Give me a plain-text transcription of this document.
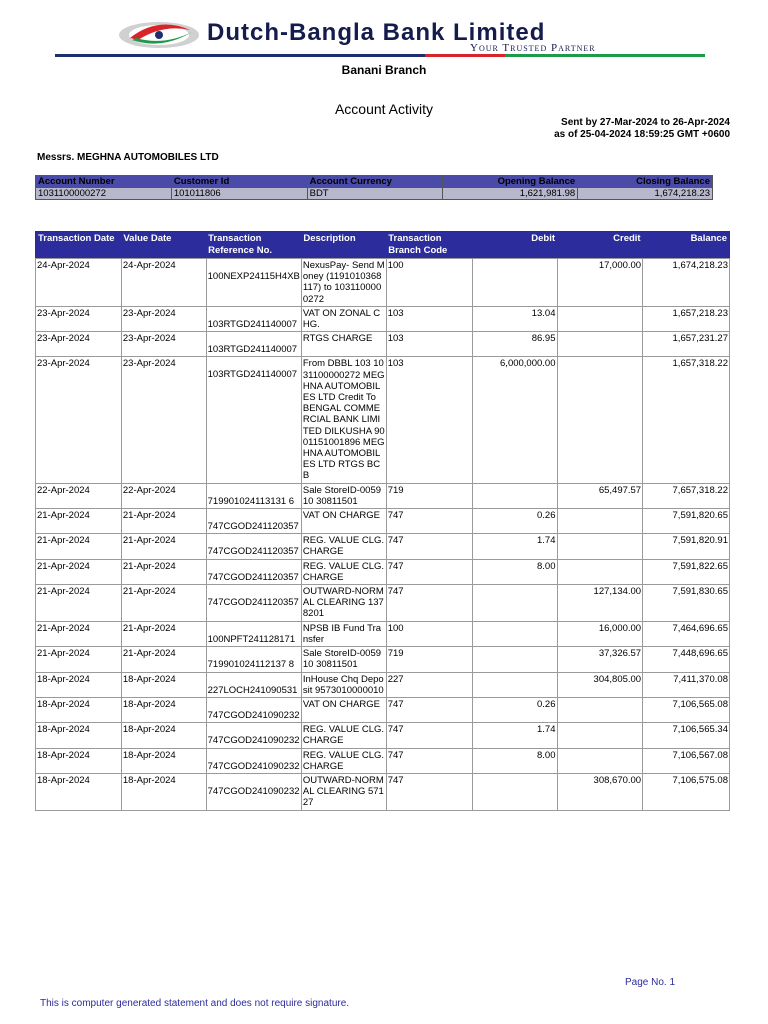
Dutch-Bangla Bank Limited
Your Trusted Partner
Banani Branch
Account Activity
Sent by 27-Mar-2024 to 26-Apr-2024
as of 25-04-2024 18:59:25 GMT +0600
Messrs. MEGHNA AUTOMOBILES LTD
Account Number	Customer Id	Account Currency	Opening Balance	Closing Balance
1031100000272	101011806	BDT	1,621,981.98	1,674,218.23
Transaction Date	Value Date	Transaction Reference No.	Description	Transaction Branch Code	Debit	Credit	Balance
24-Apr-2024	24-Apr-2024	100NEXP24115H4XB	NexusPay- Send Money (1191010368117) to 1031100000272	100		17,000.00	1,674,218.23
23-Apr-2024	23-Apr-2024	103RTGD241140007	VAT ON ZONAL CHG.	103	13.04		1,657,218.23
23-Apr-2024	23-Apr-2024	103RTGD241140007	RTGS CHARGE	103	86.95		1,657,231.27
23-Apr-2024	23-Apr-2024	103RTGD241140007	From DBBL 103 1031100000272 MEGHNA AUTOMOBILES LTD Credit To BENGAL COMMERCIAL BANK LIMITED DILKUSHA 9001151001896 MEGHNA AUTOMOBILES LTD RTGS BCB	103	6,000,000.00		1,657,318.22
22-Apr-2024	22-Apr-2024	719901024113131 6	Sale StoreID-005910 30811501	719		65,497.57	7,657,318.22
21-Apr-2024	21-Apr-2024	747CGOD241120357	VAT ON CHARGE	747	0.26		7,591,820.65
21-Apr-2024	21-Apr-2024	747CGOD241120357	REG. VALUE CLG. CHARGE	747	1.74		7,591,820.91
21-Apr-2024	21-Apr-2024	747CGOD241120357	REG. VALUE CLG. CHARGE	747	8.00		7,591,822.65
21-Apr-2024	21-Apr-2024	747CGOD241120357	OUTWARD-NORMAL CLEARING 1378201	747		127,134.00	7,591,830.65
21-Apr-2024	21-Apr-2024	100NPFT241128171	NPSB IB Fund Transfer	100		16,000.00	7,464,696.65
21-Apr-2024	21-Apr-2024	719901024112137 8	Sale StoreID-005910 30811501	719		37,326.57	7,448,696.65
18-Apr-2024	18-Apr-2024	227LOCH241090531	InHouse Chq Deposit 9573010000010	227		304,805.00	7,411,370.08
18-Apr-2024	18-Apr-2024	747CGOD241090232	VAT ON CHARGE	747	0.26		7,106,565.08
18-Apr-2024	18-Apr-2024	747CGOD241090232	REG. VALUE CLG. CHARGE	747	1.74		7,106,565.34
18-Apr-2024	18-Apr-2024	747CGOD241090232	REG. VALUE CLG. CHARGE	747	8.00		7,106,567.08
18-Apr-2024	18-Apr-2024	747CGOD241090232	OUTWARD-NORMAL CLEARING 57127	747		308,670.00	7,106,575.08
Page No. 1
This is computer generated statement and does not require signature.
